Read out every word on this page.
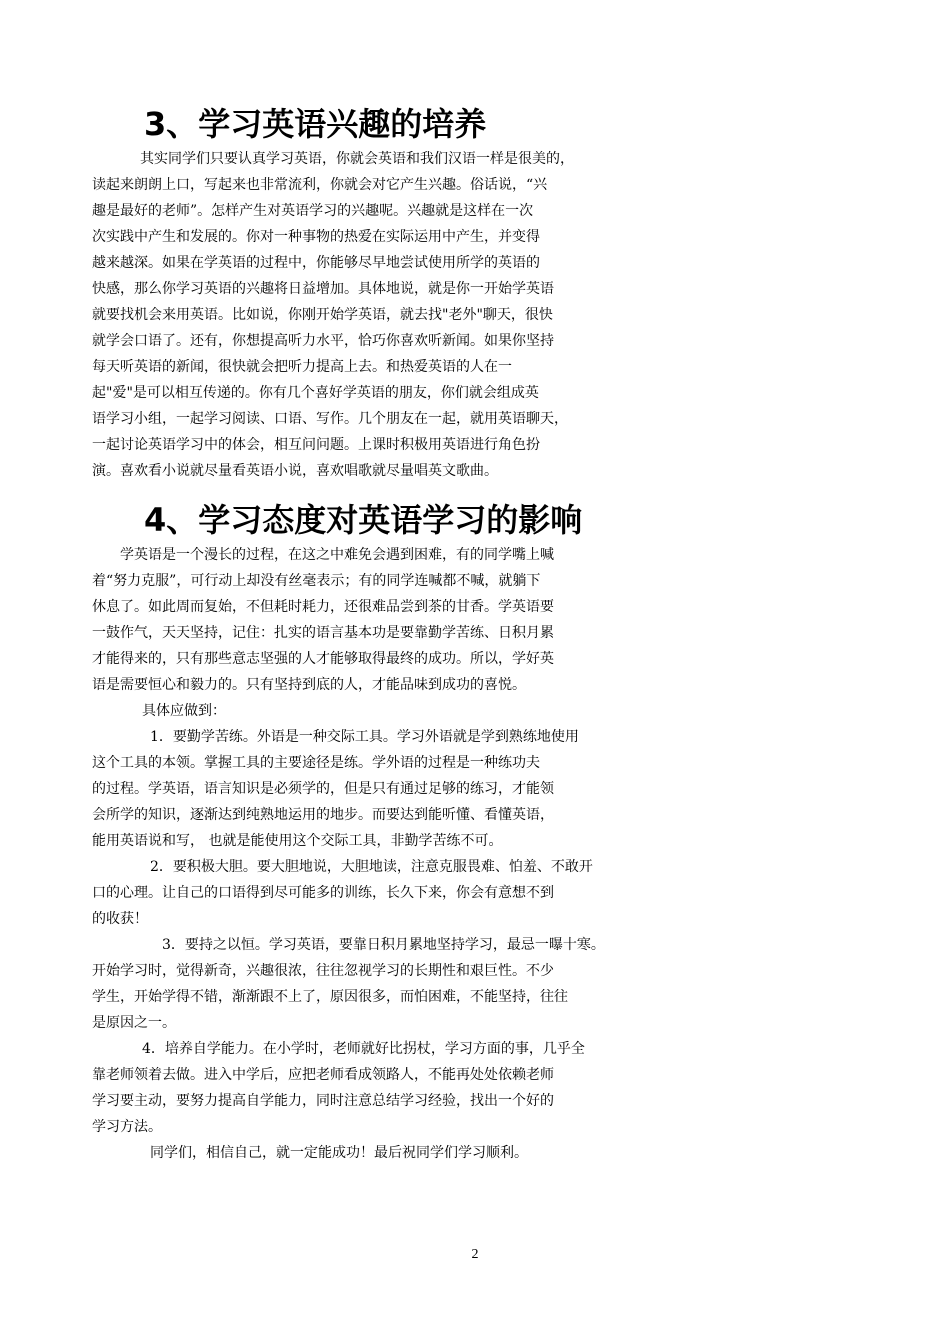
3、学习英语兴趣的培养
其实同学们只要认真学习英语，你就会英语和我们汉语一样是很美的，
读起来朗朗上口，写起来也非常流利，你就会对它产生兴趣。俗话说，“兴
趣是最好的老师”。怎样产生对英语学习的兴趣呢。兴趣就是这样在一次
次实践中产生和发展的。你对一种事物的热爱在实际运用中产生，并变得
越来越深。如果在学英语的过程中，你能够尽早地尝试使用所学的英语的
快感，那么你学习英语的兴趣将日益增加。具体地说，就是你一开始学英语
就要找机会来用英语。比如说，你刚开始学英语，就去找"老外"聊天，很快
就学会口语了。还有，你想提高听力水平，恰巧你喜欢听新闻。如果你坚持
每天听英语的新闻，很快就会把听力提高上去。和热爱英语的人在一
起"爱"是可以相互传递的。你有几个喜好学英语的朋友，你们就会组成英
语学习小组，一起学习阅读、口语、写作。几个朋友在一起，就用英语聊天，
一起讨论英语学习中的体会，相互问问题。上课时积极用英语进行角色扮
演。喜欢看小说就尽量看英语小说，喜欢唱歌就尽量唱英文歌曲。
4、学习态度对英语学习的影响
学英语是一个漫长的过程，在这之中难免会遇到困难，有的同学嘴上喊
着“努力克服”，可行动上却没有丝毫表示；有的同学连喊都不喊，就躺下
休息了。如此周而复始，不但耗时耗力，还很难品尝到茶的甘香。学英语要
一鼓作气，天天坚持，记住：扎实的语言基本功是要靠勤学苦练、日积月累
才能得来的，只有那些意志坚强的人才能够取得最终的成功。所以，学好英
语是需要恒心和毅力的。只有坚持到底的人，才能品味到成功的喜悦。
具体应做到：
1．要勤学苦练。外语是一种交际工具。学习外语就是学到熟练地使用
这个工具的本领。掌握工具的主要途径是练。学外语的过程是一种练功夫
的过程。学英语，语言知识是必须学的，但是只有通过足够的练习，才能领
会所学的知识，逐渐达到纯熟地运用的地步。而要达到能听懂、看懂英语，
能用英语说和写， 也就是能使用这个交际工具，非勤学苦练不可。
2．要积极大胆。要大胆地说，大胆地读，注意克服畏难、怕羞、不敢开
口的心理。让自己的口语得到尽可能多的训练，长久下来，你会有意想不到
的收获！
3．要持之以恒。学习英语，要靠日积月累地坚持学习，最忌一曝十寒。
开始学习时，觉得新奇，兴趣很浓，往往忽视学习的长期性和艰巨性。不少
学生，开始学得不错，渐渐跟不上了，原因很多，而怕困难，不能坚持，往往
是原因之一。
4．培养自学能力。在小学时，老师就好比拐杖，学习方面的事，几乎全
靠老师领着去做。进入中学后，应把老师看成领路人，不能再处处依赖老师
学习要主动，要努力提高自学能力，同时注意总结学习经验，找出一个好的
学习方法。
同学们，相信自己，就一定能成功！最后祝同学们学习顺利。
2
